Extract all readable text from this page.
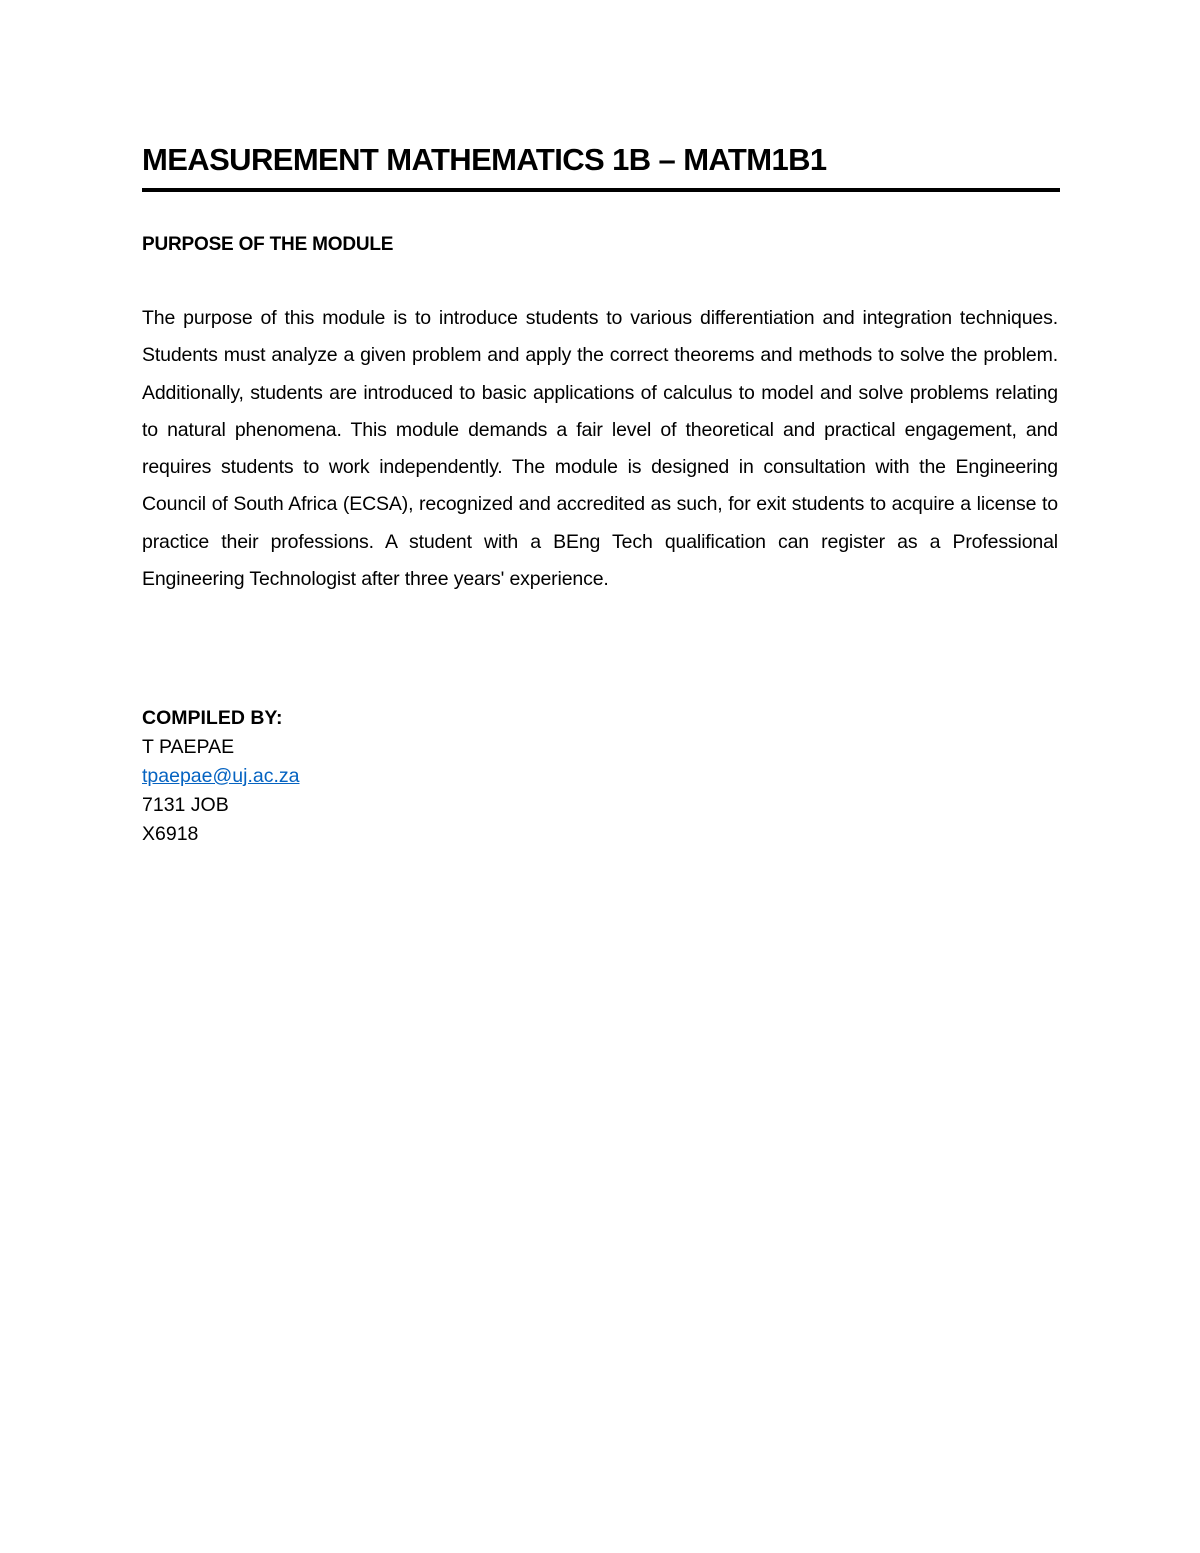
MEASUREMENT MATHEMATICS 1B – MATM1B1
PURPOSE OF THE MODULE

The purpose of this module is to introduce students to various differentiation and integration techniques. Students must analyze a given problem and apply the correct theorems and methods to solve the problem. Additionally, students are introduced to basic applications of calculus to model and solve problems relating to natural phenomena. This module demands a fair level of theoretical and practical engagement, and requires students to work independently. The module is designed in consultation with the Engineering Council of South Africa (ECSA), recognized and accredited as such, for exit students to acquire a license to practice their professions. A student with a BEng Tech qualification can register as a Professional Engineering Technologist after three years' experience.

COMPILED BY:
T PAEPAE
tpaepae@uj.ac.za
7131 JOB
X6918
